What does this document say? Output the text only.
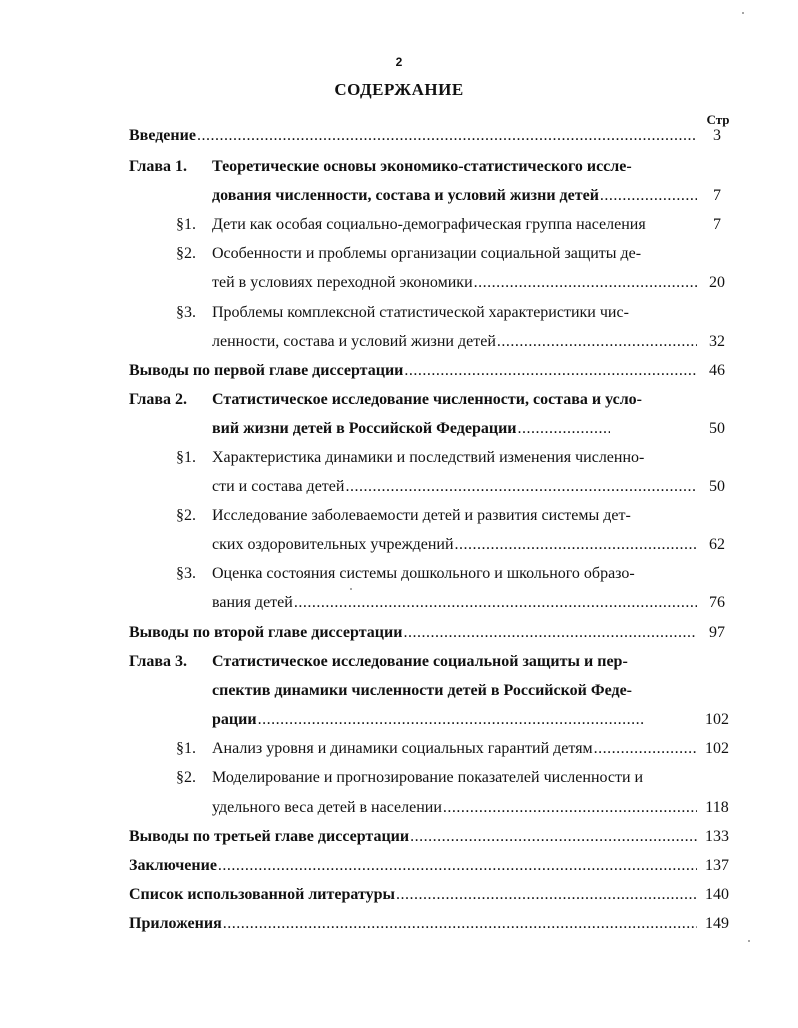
2
СОДЕРЖАНИЕ
Стр
Введение .....	3
Глава 1. Теоретические основы экономико-статистического иссле-
дования численности, состава и условий жизни детей .....	7
§1. Дети как особая социально-демографическая группа населения	7
§2. Особенности и проблемы организации социальной защиты де-
тей в условиях переходной экономики .....	20
§3. Проблемы комплексной статистической характеристики чис-
ленности, состава и условий жизни детей .....	32
Выводы по первой главе диссертации .....	46
Глава 2. Статистическое исследование численности, состава и усло-
вий жизни детей в Российской Федерации .....	50
§1. Характеристика динамики и последствий изменения численно-
сти и состава детей .....	50
§2. Исследование заболеваемости детей и развития системы дет-
ских оздоровительных учреждений .....	62
§3. Оценка состояния системы дошкольного и школьного образо-
вания детей .....	76
Выводы по второй главе диссертации .....	97
Глава 3. Статистическое исследование социальной защиты и пер-
спектив динамики численности детей в Российской Феде-
рации .....	102
§1. Анализ уровня и динамики социальных гарантий детям .....	102
§2. Моделирование и прогнозирование показателей численности и
удельного веса детей в населении .....	118
Выводы по третьей главе диссертации .....	133
Заключение .....	137
Список использованной литературы .....	140
Приложения .....	149
